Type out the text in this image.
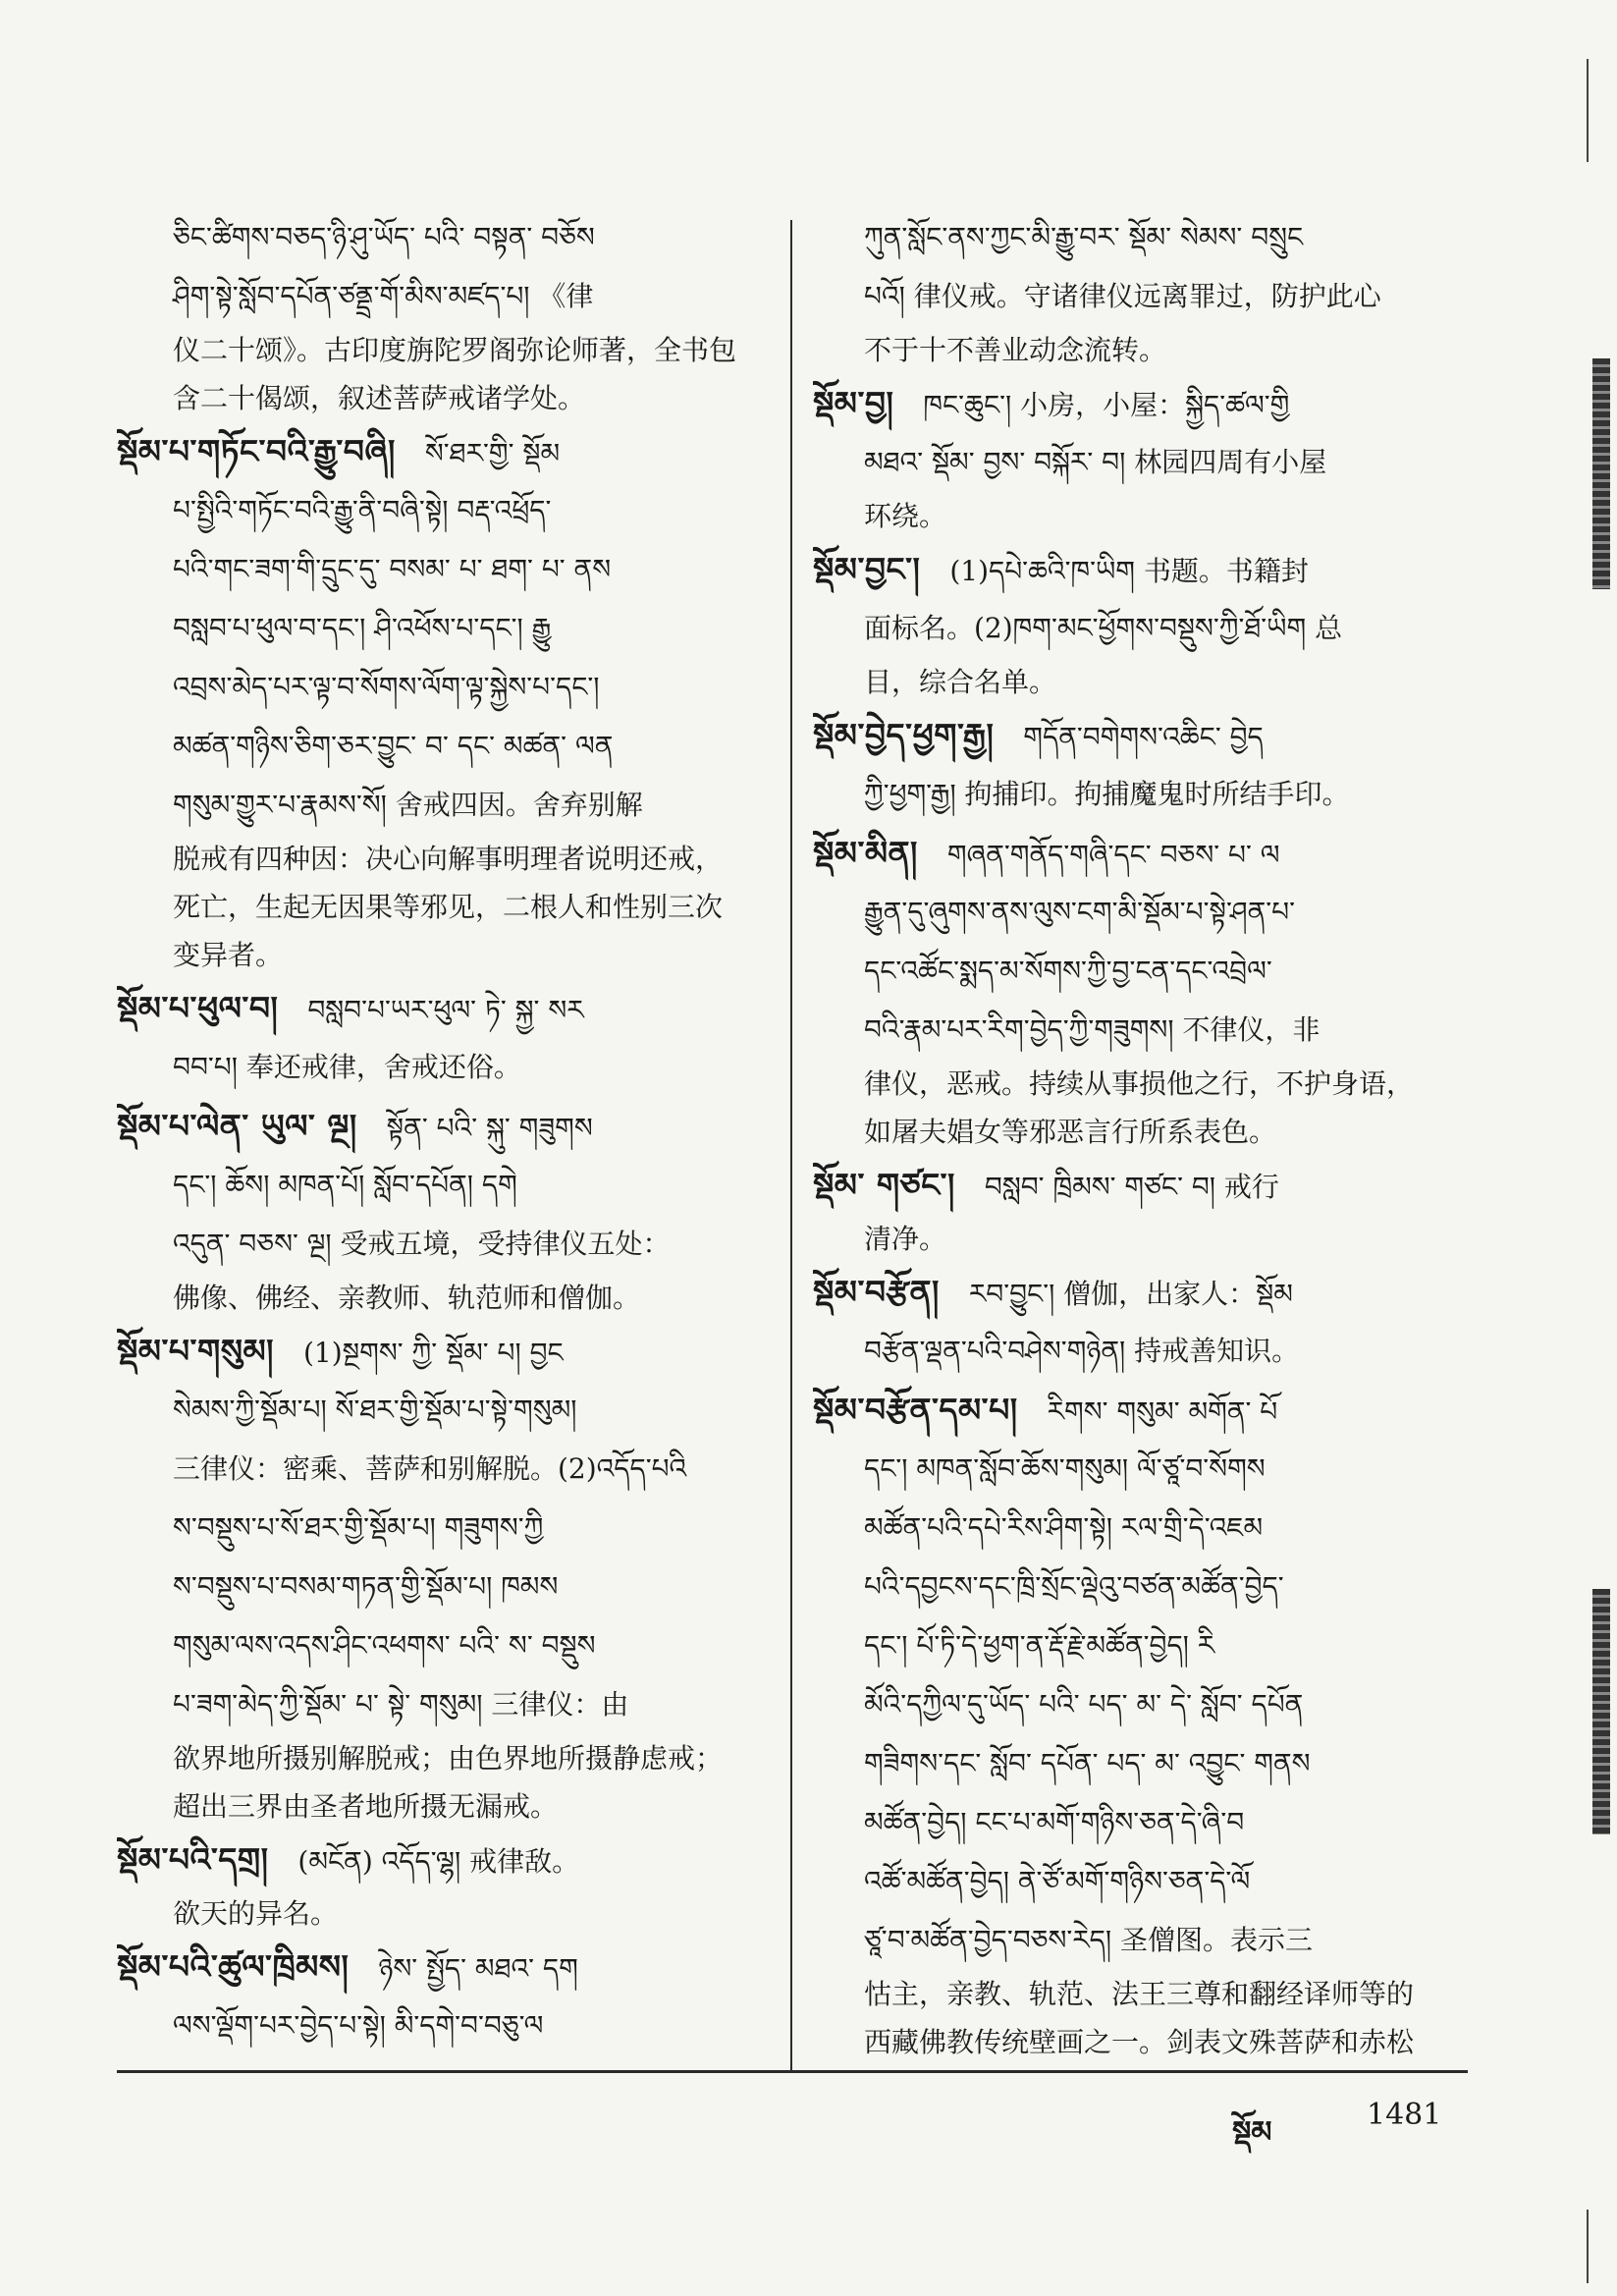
ཅིང་ཚིགས་བཅད་ཉི་ཤུ་ཡོད་ པའི་ བསྟན་ བཅོས
ཤིག་སྟེ་སློབ་དཔོན་ཙནྡྲ་གོ་མིས་མཛད་པ། 《律
仪二十颂》。古印度旃陀罗阁弥论师著，全书包
含二十偈颂，叙述菩萨戒诸学处。
སྡོམ་པ་གཏོང་བའི་རྒྱུ་བཞི། སོ་ཐར་གྱི་ སྡོམ
པ་སྤྱིའི་གཏོང་བའི་རྒྱུ་ནི་བཞི་སྟེ། བརྡ་འཕྲོད་
པའི་གང་ཟག་གི་དྲུང་དུ་ བསམ་ པ་ ཐག་ པ་ ནས
བསླབ་པ་ཕུལ་བ་དང་། ཤི་འཕོས་པ་དང་། རྒྱུ
འབྲས་མེད་པར་ལྟ་བ་སོགས་ལོག་ལྟ་སྐྱེས་པ་དང་།
མཚན་གཉིས་ཅིག་ཅར་བྱུང་ བ་ དང་ མཚན་ ལན
གསུམ་གྱུར་པ་རྣམས་སོ། 舍戒四因。舍弃别解
脱戒有四种因：决心向解事明理者说明还戒，
死亡，生起无因果等邪见，二根人和性别三次
变异者。
སྡོམ་པ་ཕུལ་བ། བསླབ་པ་ཡར་ཕུལ་ ཏེ་ སྐྱ་ སར
བབ་པ། 奉还戒律，舍戒还俗。
སྡོམ་པ་ལེན་ ཡུལ་ ལྔ། སྟོན་ པའི་ སྐུ་ གཟུགས
དང་། ཆོས། མཁན་པོ། སློབ་དཔོན། དགེ
འདུན་ བཅས་ ལྔ། 受戒五境，受持律仪五处：
佛像、佛经、亲教师、轨范师和僧伽。
སྡོམ་པ་གསུམ། (1)སྔགས་ ཀྱི་ སྡོམ་ པ། བྱང
སེམས་ཀྱི་སྡོམ་པ། སོ་ཐར་གྱི་སྡོམ་པ་སྟེ་གསུམ།
三律仪：密乘、菩萨和别解脱。(2)འདོད་པའི
ས་བསྡུས་པ་སོ་ཐར་གྱི་སྡོམ་པ། གཟུགས་ཀྱི
ས་བསྡུས་པ་བསམ་གཏན་གྱི་སྡོམ་པ། ཁམས
གསུམ་ལས་འདས་ཤིང་འཕགས་ པའི་ ས་ བསྡུས
པ་ཟག་མེད་ཀྱི་སྡོམ་ པ་ སྟེ་ གསུམ། 三律仪：由
欲界地所摄别解脱戒；由色界地所摄静虑戒；
超出三界由圣者地所摄无漏戒。
སྡོམ་པའི་དགྲ། (མངོན) འདོད་ལྷ། 戒律敌。
欲天的异名。
སྡོམ་པའི་ཚུལ་ཁྲིམས། ཉེས་ སྤྱོད་ མཐའ་ དག
ལས་ལྡོག་པར་བྱེད་པ་སྟེ། མི་དགེ་བ་བཅུ་ལ
ཀུན་སློང་ནས་ཀྱང་མི་རྒྱུ་བར་ སྡོམ་ སེམས་ བསྲུང
པའོ། 律仪戒。守诸律仪远离罪过，防护此心
不于十不善业动念流转。
སྡོམ་བྱ། ཁང་ཆུང་། 小房，小屋：སྐྱིད་ཚལ་གྱི
མཐའ་ སྡོམ་ བྱས་ བསྐོར་ བ། 林园四周有小屋
环绕。
སྡོམ་བྱང་། (1)དཔེ་ཆའི་ཁ་ཡིག 书题。书籍封
面标名。(2)ཁག་མང་ཕྱོགས་བསྡུས་ཀྱི་ཐོ་ཡིག 总
目，综合名单。
སྡོམ་བྱེད་ཕྱག་རྒྱ། གདོན་བགེགས་འཆིང་ བྱེད
ཀྱི་ཕྱག་རྒྱ། 拘捕印。拘捕魔鬼时所结手印。
སྡོམ་མིན། གཞན་གནོད་གཞི་དང་ བཅས་ པ་ ལ
རྒྱུན་དུ་ཞུགས་ནས་ལུས་ངག་མི་སྡོམ་པ་སྟེ་ཤན་པ་
དང་འཚོང་སྨད་མ་སོགས་ཀྱི་བྱ་ངན་དང་འབྲེལ་
བའི་རྣམ་པར་རིག་བྱེད་ཀྱི་གཟུགས། 不律仪，非
律仪，恶戒。持续从事损他之行，不护身语，
如屠夫娼女等邪恶言行所系表色。
སྡོམ་ གཙང་། བསླབ་ ཁྲིམས་ གཙང་ བ། 戒行
清净。
སྡོམ་བརྩོན། རབ་བྱུང་། 僧伽，出家人：སྡོམ
བརྩོན་ལྡན་པའི་བཤེས་གཉེན། 持戒善知识。
སྡོམ་བརྩོན་དམ་པ། རིགས་ གསུམ་ མགོན་ པོ
དང་། མཁན་སློབ་ཆོས་གསུམ། ལོ་ཙཱ་བ་སོགས
མཚོན་པའི་དཔེ་རིས་ཤིག་སྟེ། རལ་གྲི་དེ་འཇམ
པའི་དབྱངས་དང་ཁྲི་སྲོང་ལྡེའུ་བཙན་མཚོན་བྱེད་
དང་། པོ་ཏི་དེ་ཕྱག་ན་རྡོ་རྗེ་མཚོན་བྱེད། རི
མོའི་དཀྱིལ་དུ་ཡོད་ པའི་ པད་ མ་ དེ་ སློབ་ དཔོན
གཟིགས་དང་ སློབ་ དཔོན་ པད་ མ་ འབྱུང་ གནས
མཚོན་བྱེད། ངང་པ་མགོ་གཉིས་ཅན་དེ་ཞི་བ
འཚོ་མཚོན་བྱེད། ནེ་ཙོ་མགོ་གཉིས་ཅན་དེ་ལོ
ཙཱ་བ་མཚོན་བྱེད་བཅས་རེད། 圣僧图。表示三
怙主，亲教、轨范、法王三尊和翻经译师等的
西藏佛教传统壁画之一。剑表文殊菩萨和赤松
སྡོམ
1481
